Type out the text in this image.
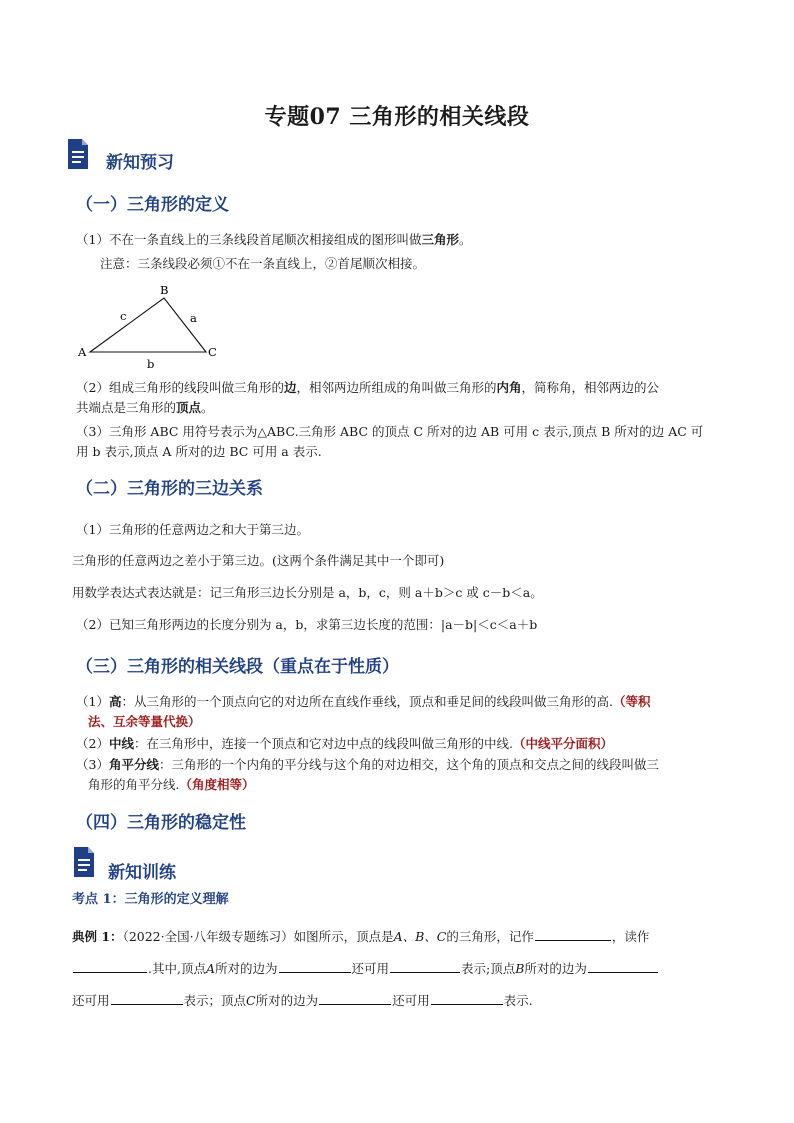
专题07 三角形的相关线段
新知预习
（一）三角形的定义
（1）不在一条直线上的三条线段首尾顺次相接组成的图形叫做三角形。
注意：三条线段必须①不在一条直线上，②首尾顺次相接。
A
B
C
a
b
c
（2）组成三角形的线段叫做三角形的边，相邻两边所组成的角叫做三角形的内角，简称角，相邻两边的公
共端点是三角形的顶点。
（3）三角形 ABC 用符号表示为△ABC.三角形 ABC 的顶点 C 所对的边 AB 可用 c 表示,顶点 B 所对的边 AC 可
用 b 表示,顶点 A 所对的边 BC 可用 a 表示.
（二）三角形的三边关系
（1）三角形的任意两边之和大于第三边。
三角形的任意两边之差小于第三边。(这两个条件满足其中一个即可)
用数学表达式表达就是：记三角形三边长分别是 a，b，c，则 a＋b＞c 或 c－b＜a。
（2）已知三角形两边的长度分别为 a，b，求第三边长度的范围：|a－b|＜c＜a＋b
（三）三角形的相关线段（重点在于性质）
（1）高：从三角形的一个顶点向它的对边所在直线作垂线，顶点和垂足间的线段叫做三角形的高.（等积
法、互余等量代换）
（2）中线：在三角形中，连接一个顶点和它对边中点的线段叫做三角形的中线.（中线平分面积）
（3）角平分线：三角形的一个内角的平分线与这个角的对边相交，这个角的顶点和交点之间的线段叫做三
角形的角平分线.（角度相等）
（四）三角形的稳定性
新知训练
考点 1：三角形的定义理解
典例 1：（2022·全国·八年级专题练习）如图所示，顶点是A、B、C的三角形，记作	，读作
.其中,顶点A所对的边为	还可用	表示;顶点B所对的边为
还可用	表示；顶点C所对的边为	还可用	表示.
